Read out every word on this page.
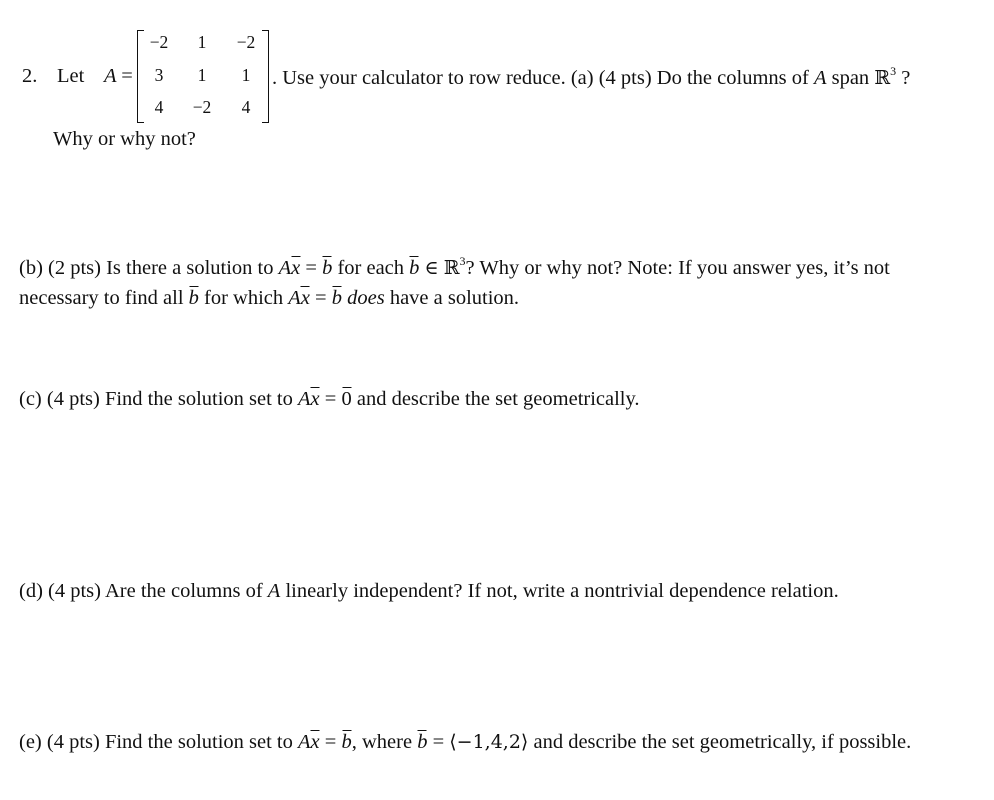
2. Let A =
−2	1	−2
3	1	1
4	−2	4
. Use your calculator to row reduce. (a) (4 pts) Do the columns of A span ℝ$^3$ ?
Why or why not?
(b) (2 pts) Is there a solution to Ax = b for each b ∈ ℝ$^3$? Why or why not? Note: If you answer yes, it’s not
necessary to find all b for which Ax = b does have a solution.
(c) (4 pts) Find the solution set to Ax = 0 and describe the set geometrically.
(d) (4 pts) Are the columns of A linearly independent? If not, write a nontrivial dependence relation.
(e) (4 pts) Find the solution set to Ax = b, where b = ⟨−1,4,2⟩ and describe the set geometrically, if possible.
